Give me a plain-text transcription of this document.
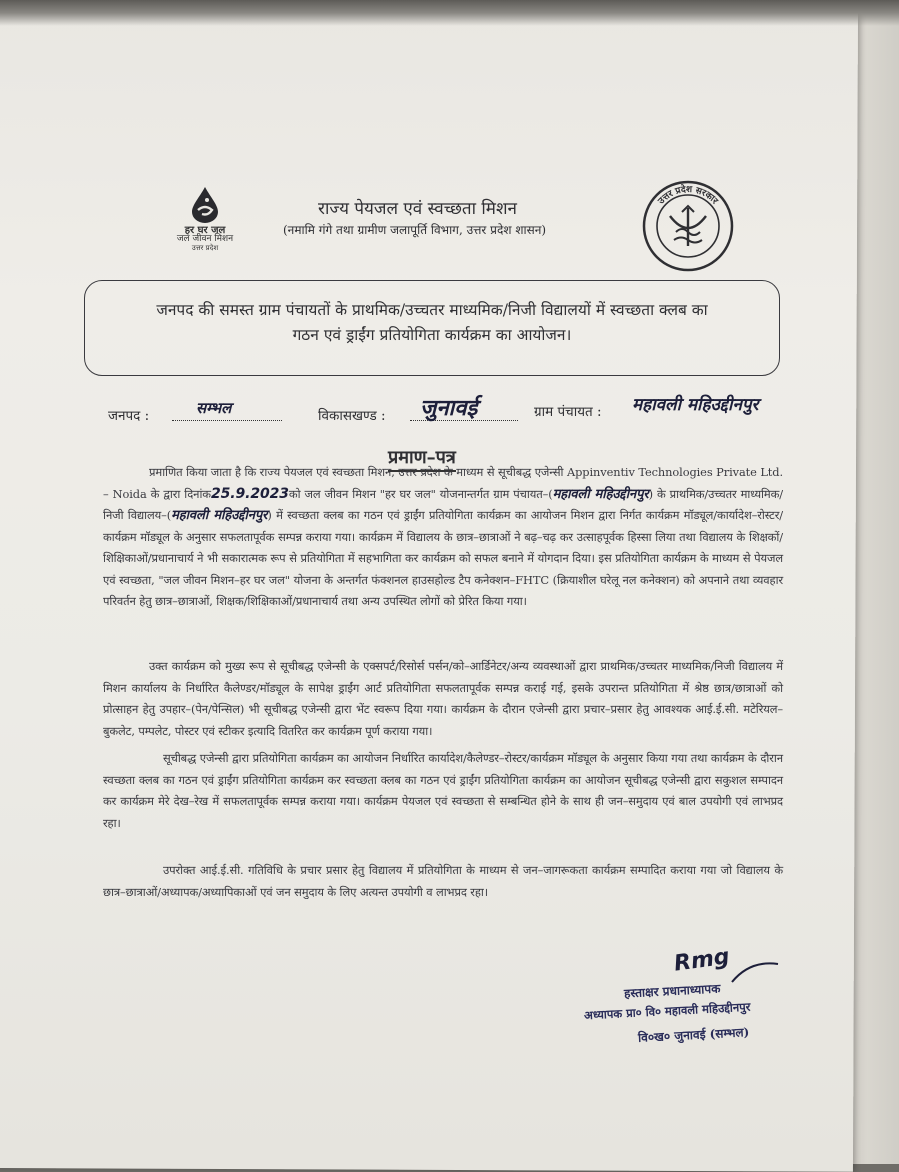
हर घर जल
जल जीवन मिशन
उत्तर प्रदेश
राज्य पेयजल एवं स्वच्छता मिशन
(नमामि गंगे तथा ग्रामीण जलापूर्ति विभाग, उत्तर प्रदेश शासन)
उत्तर प्रदेश सरकार
जनपद की समस्त ग्राम पंचायतों के प्राथमिक/उच्चतर माध्यमिक/निजी विद्यालयों में स्वच्छता क्लब का
गठन एवं ड्राईंग प्रतियोगिता कार्यक्रम का आयोजन।
जनपद :	सम्भल	विकासखण्ड : जुनावई	ग्राम पंचायत : महावली महिउद्दीनपुर
प्रमाण–पत्र
प्रमाणित किया जाता है कि राज्य पेयजल एवं स्वच्छता मिशन, उत्तर प्रदेश के माध्यम से सूचीबद्ध एजेन्सी Appinventiv Technologies Private Ltd. – Noida के द्वारा दिनांक25.9.2023को जल जीवन मिशन "हर घर जल" योजनान्तर्गत ग्राम पंचायत–(महावली महिउद्दीनपुर) के प्राथमिक/उच्चतर माध्यमिक/निजी विद्यालय–(महावली महिउद्दीनपुर) में स्वच्छता क्लब का गठन एवं ड्राईंग प्रतियोगिता कार्यक्रम का आयोजन मिशन द्वारा निर्गत कार्यक्रम मॉड्यूल/कार्यादेश–रोस्टर/कार्यक्रम मॉड्यूल के अनुसार सफलतापूर्वक सम्पन्न कराया गया। कार्यक्रम में विद्यालय के छात्र–छात्राओं ने बढ़–चढ़ कर उत्साहपूर्वक हिस्सा लिया तथा विद्यालय के शिक्षकों/शिक्षिकाओं/प्रधानाचार्य ने भी सकारात्मक रूप से प्रतियोगिता में सहभागिता कर कार्यक्रम को सफल बनाने में योगदान दिया। इस प्रतियोगिता कार्यक्रम के माध्यम से पेयजल एवं स्वच्छता, "जल जीवन मिशन–हर घर जल" योजना के अन्तर्गत फंक्शनल हाउसहोल्ड टैप कनेक्शन–FHTC (क्रियाशील घरेलू नल कनेक्शन) को अपनाने तथा व्यवहार परिवर्तन हेतु छात्र–छात्राओं, शिक्षक/शिक्षिकाओं/प्रधानाचार्य तथा अन्य उपस्थित लोगों को प्रेरित किया गया।
उक्त कार्यक्रम को मुख्य रूप से सूचीबद्ध एजेन्सी के एक्सपर्ट/रिसोर्स पर्सन/को–आर्डिनेटर/अन्य व्यवस्थाओं द्वारा प्राथमिक/उच्चतर माध्यमिक/निजी विद्यालय में मिशन कार्यालय के निर्धारित कैलेण्डर/मॉड्यूल के सापेक्ष ड्राईंग आर्ट प्रतियोगिता सफलतापूर्वक सम्पन्न कराई गई, इसके उपरान्त प्रतियोगिता में श्रेष्ठ छात्र/छात्राओं को प्रोत्साहन हेतु उपहार–(पेन/पेन्सिल) भी सूचीबद्ध एजेन्सी द्वारा भेंट स्वरूप दिया गया। कार्यक्रम के दौरान एजेन्सी द्वारा प्रचार–प्रसार हेतु आवश्यक आई.ई.सी. मटेरियल–बुकलेट, पम्पलेट, पोस्टर एवं स्टीकर इत्यादि वितरित कर कार्यक्रम पूर्ण कराया गया।
सूचीबद्ध एजेन्सी द्वारा प्रतियोगिता कार्यक्रम का आयोजन निर्धारित कार्यादेश/कैलेण्डर–रोस्टर/कार्यक्रम मॉड्यूल के अनुसार किया गया तथा कार्यक्रम के दौरान स्वच्छता क्लब का गठन एवं ड्राईंग प्रतियोगिता कार्यक्रम कर स्वच्छता क्लब का गठन एवं ड्राईंग प्रतियोगिता कार्यक्रम का आयोजन सूचीबद्ध एजेन्सी द्वारा सकुशल सम्पादन कर कार्यक्रम मेरे देख–रेख में सफलतापूर्वक सम्पन्न कराया गया। कार्यक्रम पेयजल एवं स्वच्छता से सम्बन्धित होने के साथ ही जन–समुदाय एवं बाल उपयोगी एवं लाभप्रद रहा।
उपरोक्त आई.ई.सी. गतिविधि के प्रचार प्रसार हेतु विद्यालय में प्रतियोगिता के माध्यम से जन–जागरूकता कार्यक्रम सम्पादित कराया गया जो विद्यालय के छात्र–छात्राओं/अध्यापक/अध्यापिकाओं एवं जन समुदाय के लिए अत्यन्त उपयोगी व लाभप्रद रहा।
Rmg
हस्ताक्षर प्रधानाध्यापक
अध्यापक प्रा० वि० महावली महिउद्दीनपुर
वि०ख० जुनावई (सम्भल)
